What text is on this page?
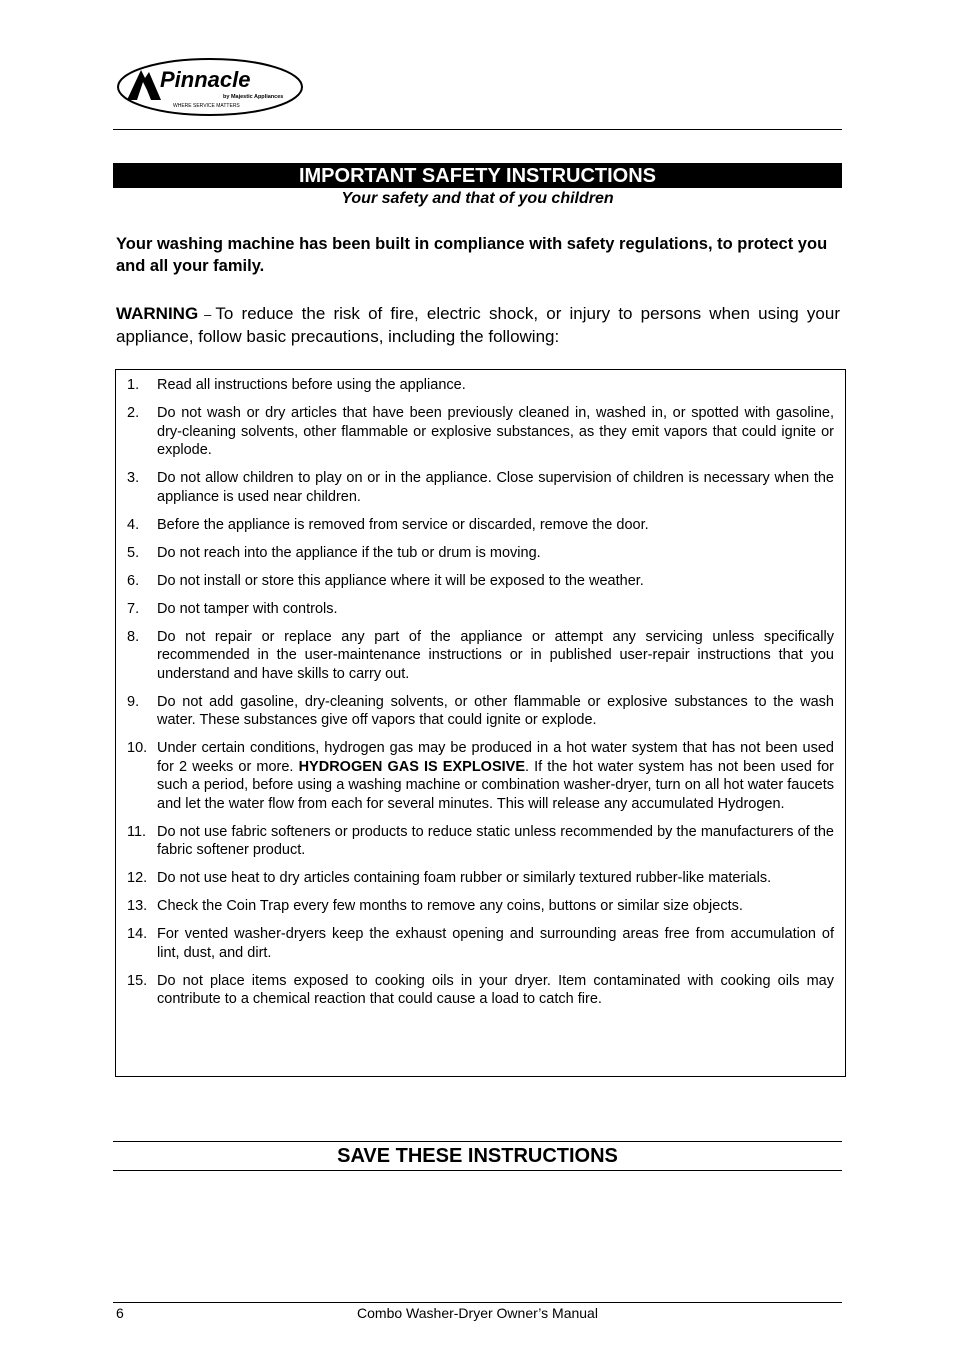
Pinnacle
by Majestic Appliances
WHERE SERVICE MATTERS
IMPORTANT SAFETY INSTRUCTIONS
Your safety and that of you children
Your washing machine has been built in compliance with safety regulations, to protect you and all your family.
WARNING – To reduce the risk of fire, electric shock, or injury to persons when using your appliance, follow basic precautions, including the following:
1. Read all instructions before using the appliance.
2. Do not wash or dry articles that have been previously cleaned in, washed in, or spotted with gasoline, dry-cleaning solvents, other flammable or explosive substances, as they emit vapors that could ignite or explode.
3. Do not allow children to play on or in the appliance. Close supervision of children is necessary when the appliance is used near children.
4. Before the appliance is removed from service or discarded, remove the door.
5. Do not reach into the appliance if the tub or drum is moving.
6. Do not install or store this appliance where it will be exposed to the weather.
7. Do not tamper with controls.
8. Do not repair or replace any part of the appliance or attempt any servicing unless specifically recommended in the user-maintenance instructions or in published user-repair instructions that you understand and have skills to carry out.
9. Do not add gasoline, dry-cleaning solvents, or other flammable or explosive substances to the wash water. These substances give off vapors that could ignite or explode.
10. Under certain conditions, hydrogen gas may be produced in a hot water system that has not been used for 2 weeks or more. HYDROGEN GAS IS EXPLOSIVE. If the hot water system has not been used for such a period, before using a washing machine or combination washer-dryer, turn on all hot water faucets and let the water flow from each for several minutes. This will release any accumulated Hydrogen.
11. Do not use fabric softeners or products to reduce static unless recommended by the manufacturers of the fabric softener product.
12. Do not use heat to dry articles containing foam rubber or similarly textured rubber-like materials.
13. Check the Coin Trap every few months to remove any coins, buttons or similar size objects.
14. For vented washer-dryers keep the exhaust opening and surrounding areas free from accumulation of lint, dust, and dirt.
15. Do not place items exposed to cooking oils in your dryer. Item contaminated with cooking oils may contribute to a chemical reaction that could cause a load to catch fire.
SAVE THESE INSTRUCTIONS
6	Combo Washer-Dryer Owner’s Manual
